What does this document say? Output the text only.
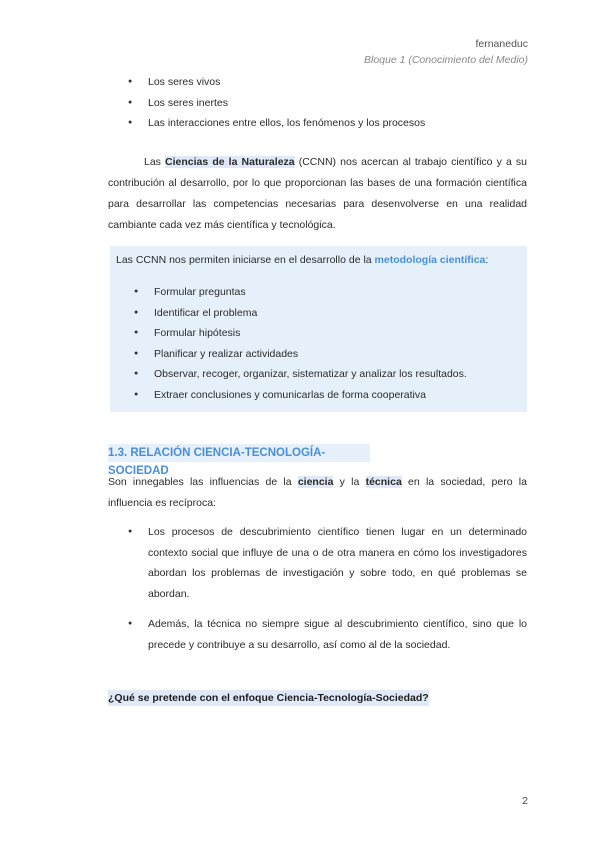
fernaneduc
Bloque 1 (Conocimiento del Medio)
● Los seres vivos
● Los seres inertes
● Las interacciones entre ellos, los fenómenos y los procesos
Las Ciencias de la Naturaleza (CCNN) nos acercan al trabajo científico y a su contribución al desarrollo, por lo que proporcionan las bases de una formación científica para desarrollar las competencias necesarias para desenvolverse en una realidad cambiante cada vez más científica y tecnológica.
Las CCNN nos permiten iniciarse en el desarrollo de la metodología científica:
● Formular preguntas
● Identificar el problema
● Formular hipótesis
● Planificar y realizar actividades
● Observar, recoger, organizar, sistematizar y analizar los resultados.
● Extraer conclusiones y comunicarlas de forma cooperativa
1.3. RELACIÓN CIENCIA-TECNOLOGÍA-SOCIEDAD
Son innegables las influencias de la ciencia y la técnica en la sociedad, pero la influencia es recíproca:
● Los procesos de descubrimiento científico tienen lugar en un determinado contexto social que influye de una o de otra manera en cómo los investigadores abordan los problemas de investigación y sobre todo, en qué problemas se abordan.
● Además, la técnica no siempre sigue al descubrimiento científico, sino que lo precede y contribuye a su desarrollo, así como al de la sociedad.
¿Qué se pretende con el enfoque Ciencia-Tecnología-Sociedad?
2
